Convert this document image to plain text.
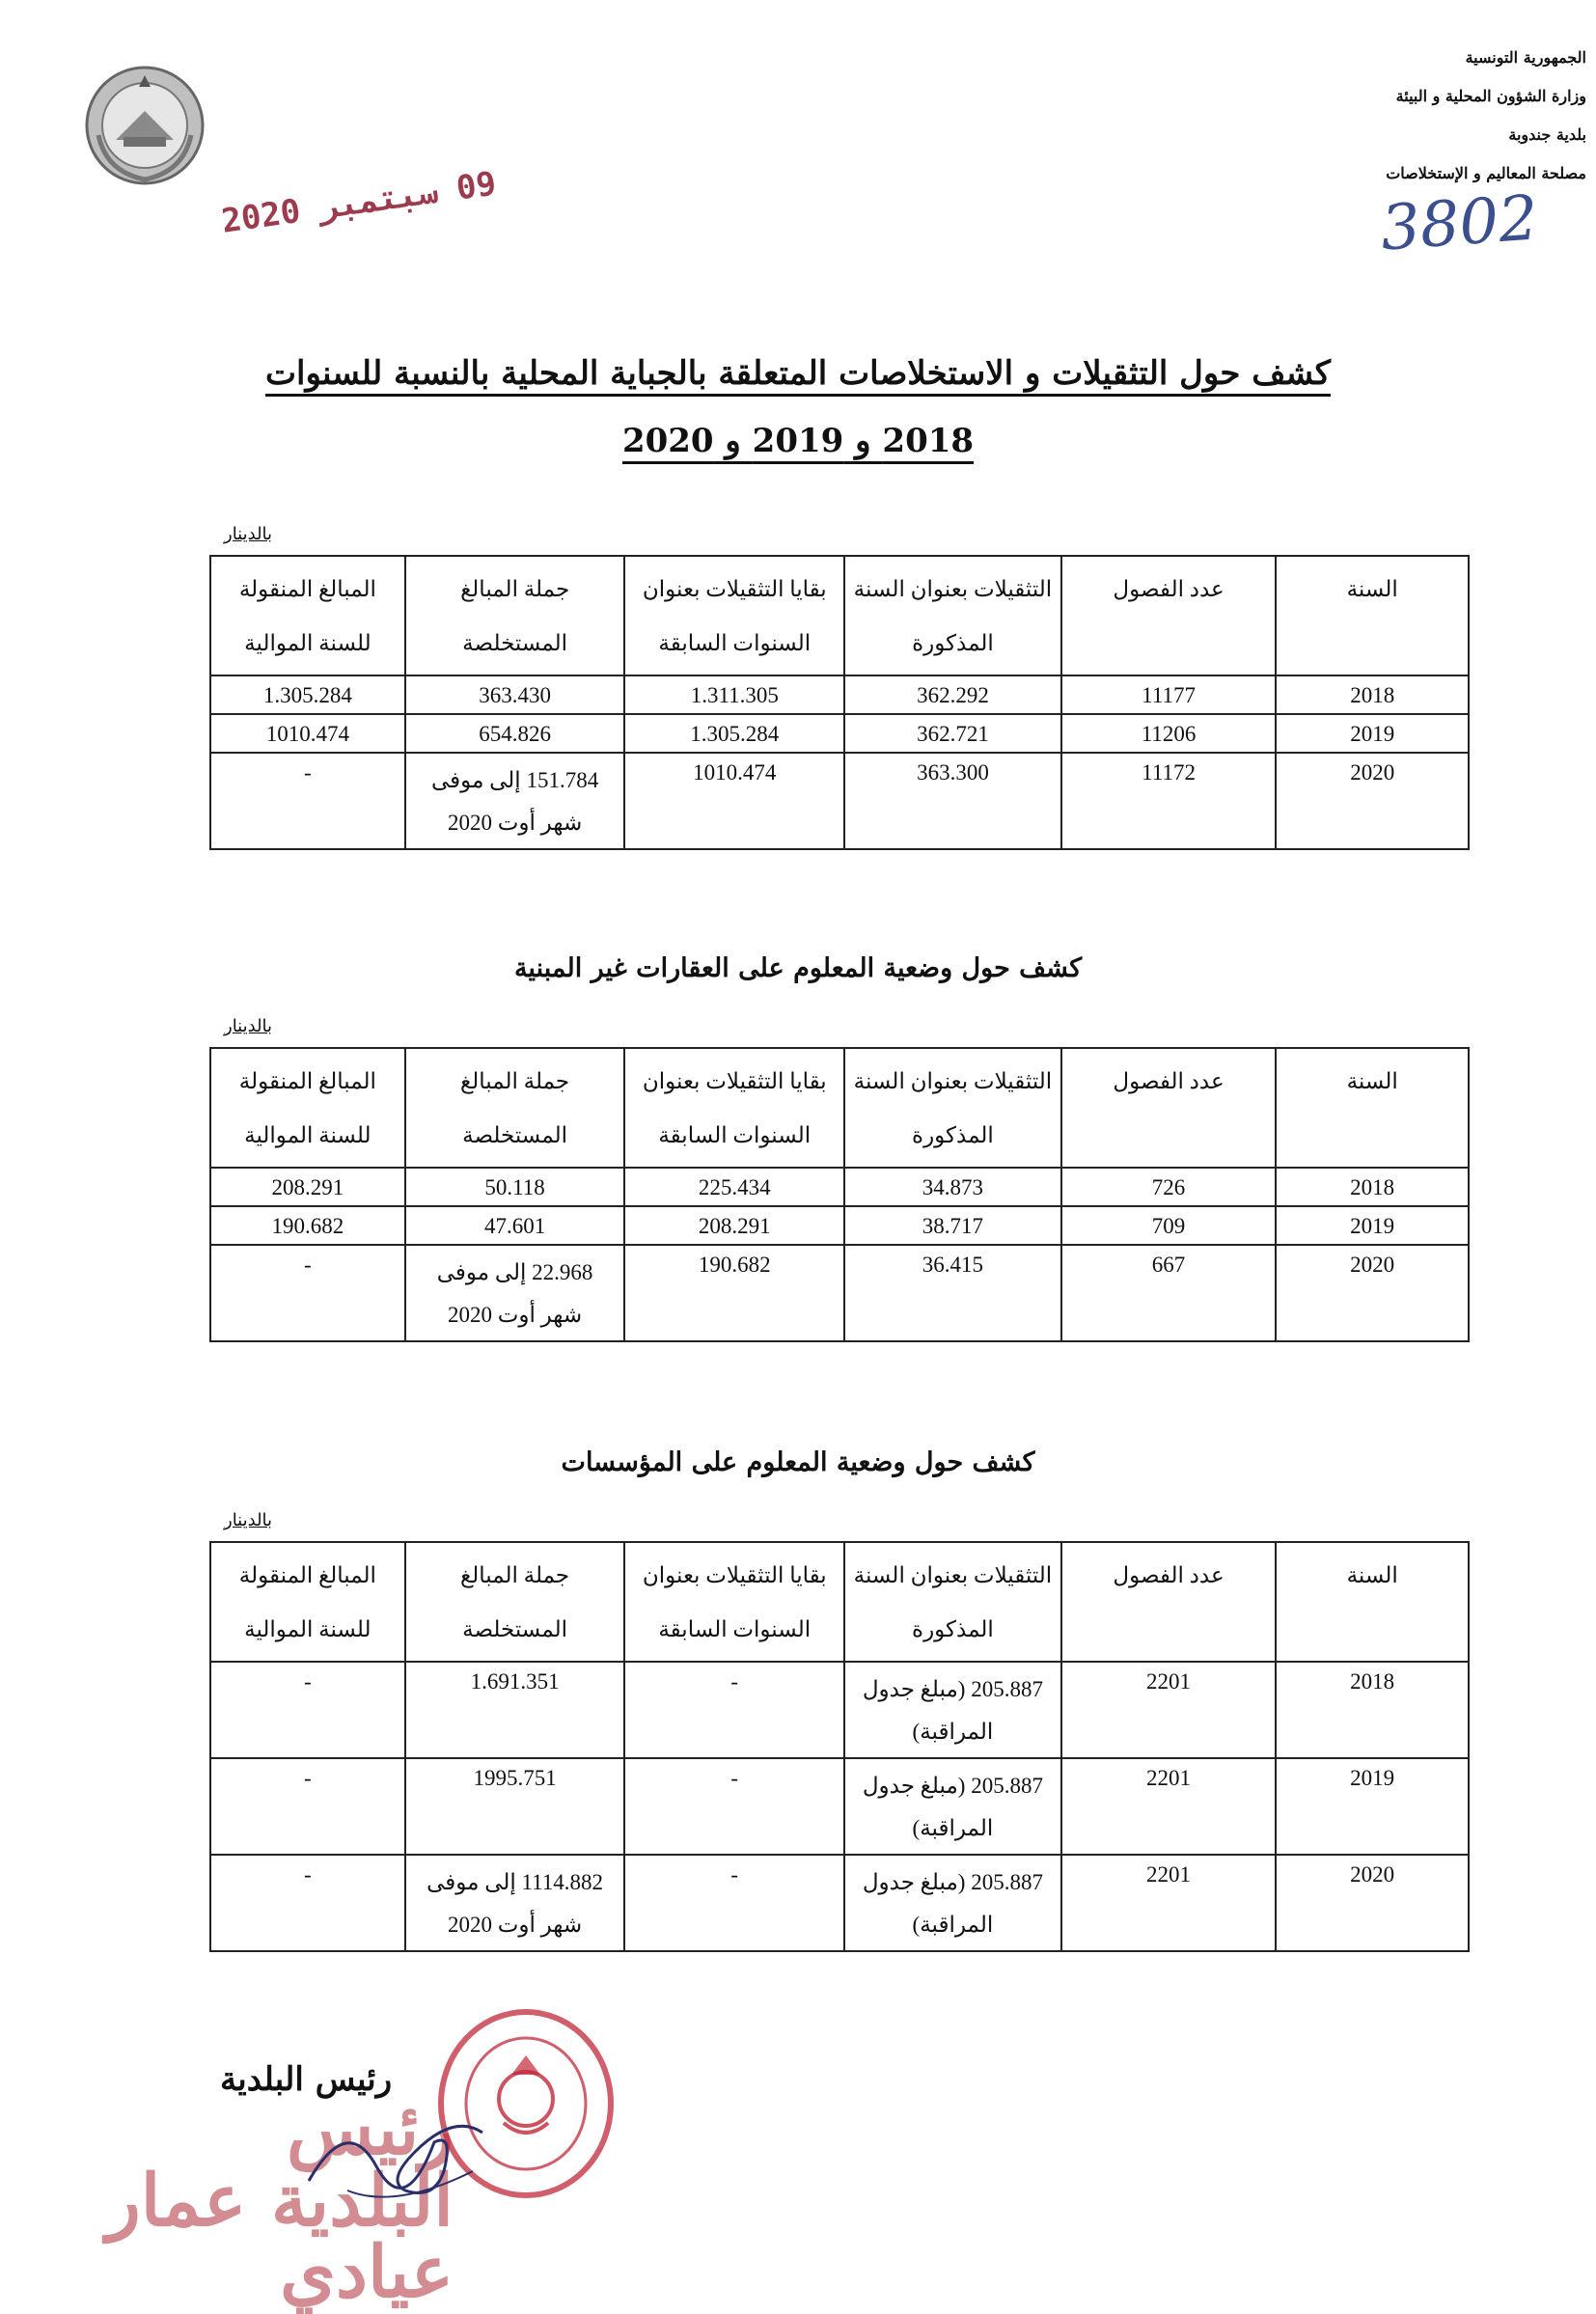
الجمهورية التونسية
وزارة الشؤون المحلية و البيئة
بلدية جندوبة
مصلحة المعاليم و الإستخلاصات
3802
09 سبتمبر 2020
كشف حول التثقيلات و الاستخلاصات المتعلقة بالجباية المحلية بالنسبة للسنوات
2018 و 2019 و 2020
بالدينار
السنة	عدد الفصول	التثقيلات بعنوان السنة المذكورة	بقايا التثقيلات بعنوان السنوات السابقة	جملة المبالغ المستخلصة	المبالغ المنقولة للسنة الموالية
2018	11177	362.292	1.311.305	363.430	1.305.284
2019	11206	362.721	1.305.284	654.826	1010.474
2020	11172	363.300	1010.474	151.784 إلى موفى شهر أوت 2020	-
كشف حول وضعية المعلوم على العقارات غير المبنية
بالدينار
السنة	عدد الفصول	التثقيلات بعنوان السنة المذكورة	بقايا التثقيلات بعنوان السنوات السابقة	جملة المبالغ المستخلصة	المبالغ المنقولة للسنة الموالية
2018	726	34.873	225.434	50.118	208.291
2019	709	38.717	208.291	47.601	190.682
2020	667	36.415	190.682	22.968 إلى موفى شهر أوت 2020	-
كشف حول وضعية المعلوم على المؤسسات
بالدينار
السنة	عدد الفصول	التثقيلات بعنوان السنة المذكورة	بقايا التثقيلات بعنوان السنوات السابقة	جملة المبالغ المستخلصة	المبالغ المنقولة للسنة الموالية
2018	2201	205.887 (مبلغ جدول المراقبة)	-	1.691.351	-
2019	2201	205.887 (مبلغ جدول المراقبة)	-	1995.751	-
2020	2201	205.887 (مبلغ جدول المراقبة)	-	1114.882 إلى موفى شهر أوت 2020	-
رئيس البلدية عمار عيادي
رئيس البلدية
